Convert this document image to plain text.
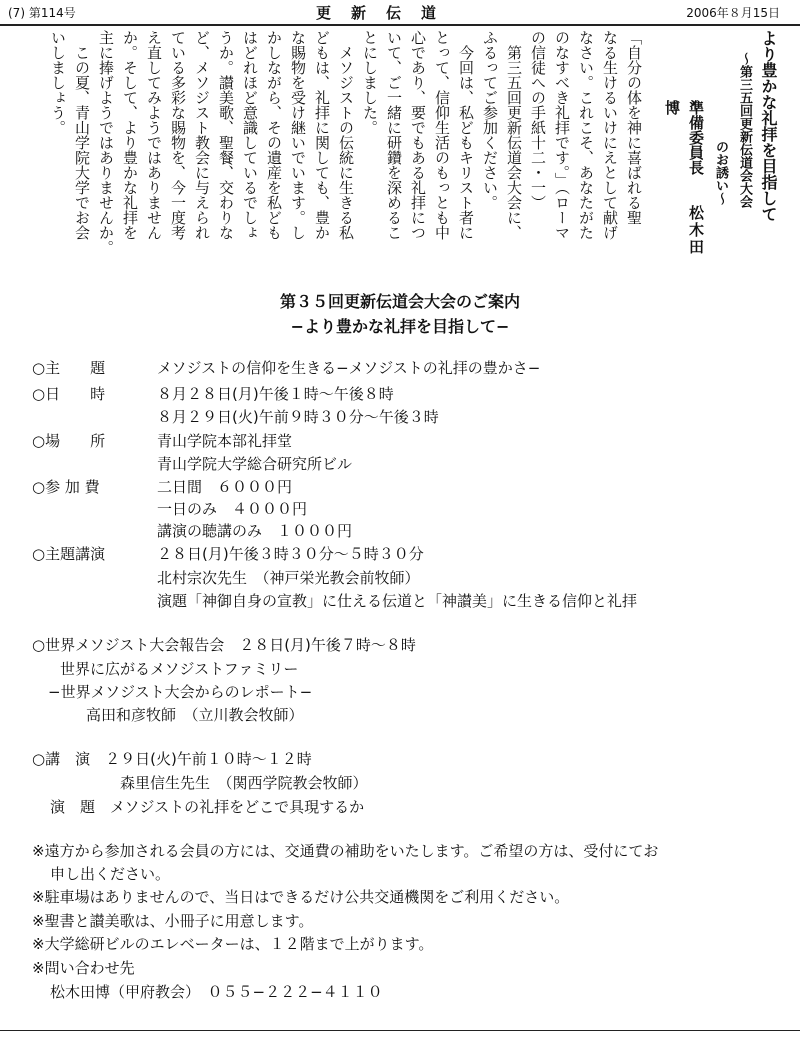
(7) 第114号	更新伝道	2006年８月15日
より豊かな礼拝を目指して
〜第三五回更新伝道会大会
のお誘い〜
準備委員長松木田博
「自分の体を神に喜ばれる聖
なる生けるいけにえとして献げ
なさい。これこそ、あなたがた
のなすべき礼拝です。」（ローマ
の信徒への手紙十二・一）
第三五回更新伝道会大会に、
ふるってご参加ください。
今回は、私どもキリスト者に
とって、信仰生活のもっとも中
心であり、要でもある礼拝につ
いて、ご一緒に研鑽を深めるこ
とにしました。
メソジストの伝統に生きる私
どもは、礼拝に関しても、豊か
な賜物を受け継いでいます。し
かしながら、その遺産を私ども
はどれほど意識しているでしょ
うか。讃美歌、聖餐、交わりな
ど、メソジスト教会に与えられ
ている多彩な賜物を、今一度考
え直してみようではありません
か。そして、より豊かな礼拝を
主に捧げようではありませんか。
この夏、青山学院大学でお会
いしましょう。
第３５回更新伝道会大会のご案内
−より豊かな礼拝を目指して−
○主　　題	メソジストの信仰を生きる−メソジストの礼拝の豊かさ−
○日　　時	８月２８日(月)午後１時〜午後８時
８月２９日(火)午前９時３０分〜午後３時
○場　　所	青山学院本部礼拝堂
青山学院大学総合研究所ビル
○参 加 費	二日間　６０００円
一日のみ　４０００円
講演の聴講のみ　１０００円
○主題講演	２８日(月)午後３時３０分〜５時３０分
北村宗次先生　（神戸栄光教会前牧師）
演題「神御自身の宣教」に仕える伝道と「神讃美」に生きる信仰と礼拝
○世界メソジスト大会報告会　２８日(月)午後７時〜８時
世界に広がるメソジストファミリー
−世界メソジスト大会からのレポート−
高田和彦牧師　（立川教会牧師）
○講　演　２９日(火)午前１０時〜１２時
森里信生先生　（関西学院教会牧師）
演　題　メソジストの礼拝をどこで具現するか
※遠方から参加される会員の方には、交通費の補助をいたします。ご希望の方は、受付にてお
申し出ください。
※駐車場はありませんので、当日はできるだけ公共交通機関をご利用ください。
※聖書と讃美歌は、小冊子に用意します。
※大学総研ビルのエレベーターは、１２階まで上がります。
※問い合わせ先
松木田博（甲府教会）　０５５−２２２−４１１０
